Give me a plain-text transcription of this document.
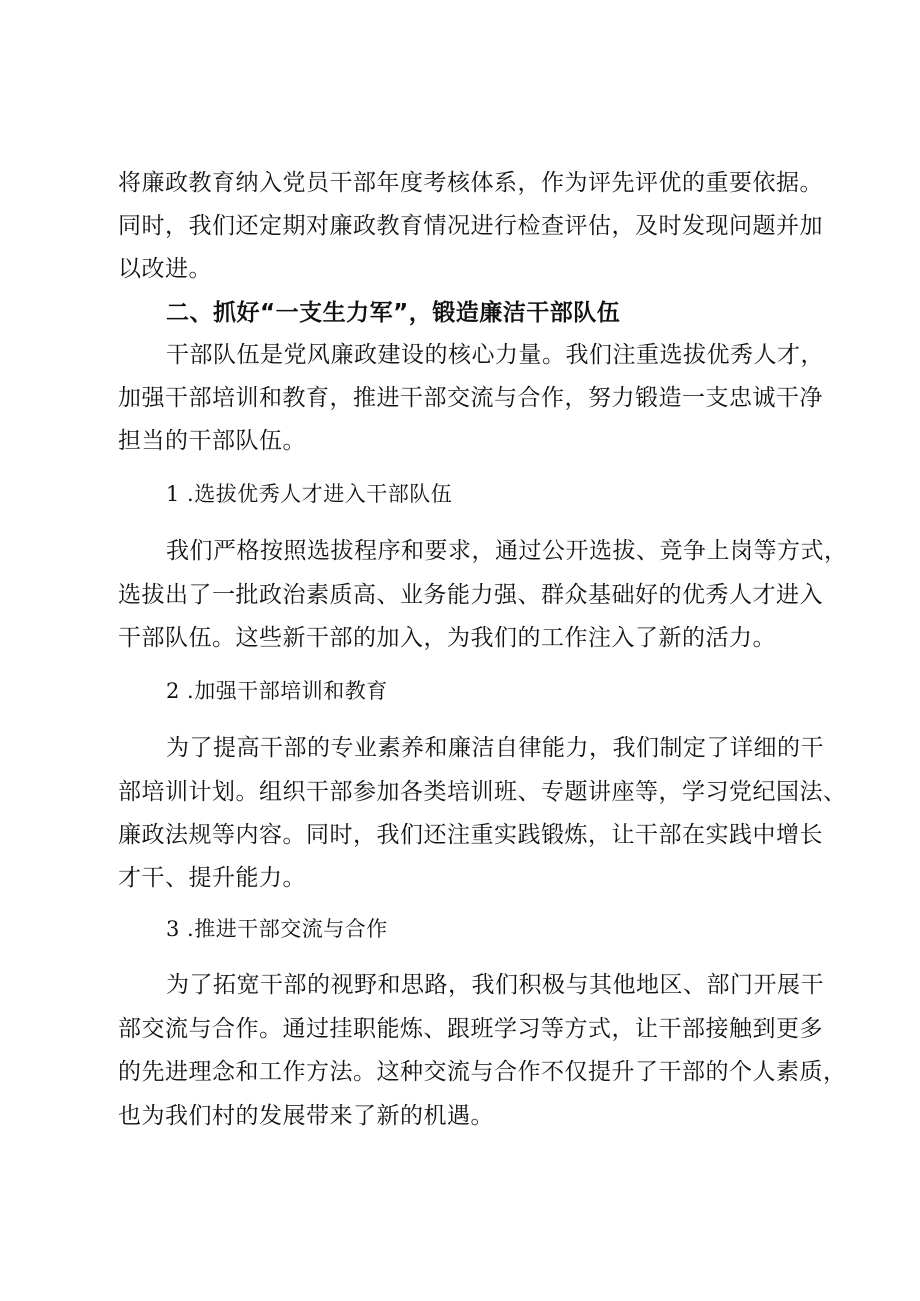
将廉政教育纳入党员干部年度考核体系，作为评先评优的重要依据。
同时，我们还定期对廉政教育情况进行检查评估，及时发现问题并加
以改进。
二、抓好“一支生力军”，锻造廉洁干部队伍
干部队伍是党风廉政建设的核心力量。我们注重选拔优秀人才，
加强干部培训和教育，推进干部交流与合作，努力锻造一支忠诚干净
担当的干部队伍。
1 .选拔优秀人才进入干部队伍
我们严格按照选拔程序和要求，通过公开选拔、竞争上岗等方式，
选拔出了一批政治素质高、业务能力强、群众基础好的优秀人才进入
干部队伍。这些新干部的加入，为我们的工作注入了新的活力。
2 .加强干部培训和教育
为了提高干部的专业素养和廉洁自律能力，我们制定了详细的干
部培训计划。组织干部参加各类培训班、专题讲座等，学习党纪国法、
廉政法规等内容。同时，我们还注重实践锻炼，让干部在实践中增长
才干、提升能力。
3 .推进干部交流与合作
为了拓宽干部的视野和思路，我们积极与其他地区、部门开展干
部交流与合作。通过挂职能炼、跟班学习等方式，让干部接触到更多
的先进理念和工作方法。这种交流与合作不仅提升了干部的个人素质，
也为我们村的发展带来了新的机遇。
